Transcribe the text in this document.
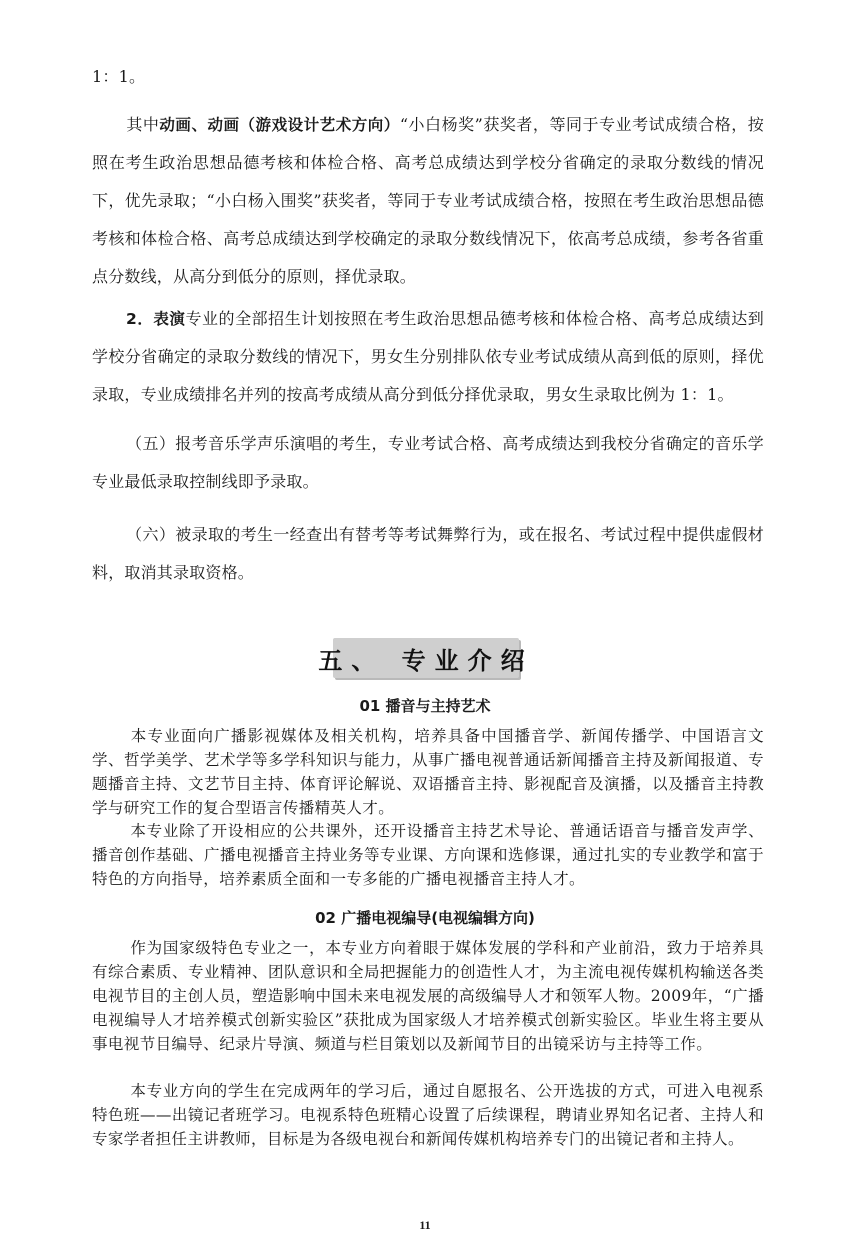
1：1。

其中动画、动画（游戏设计艺术方向）“小白杨奖”获奖者，等同于专业考试成绩合格，按照在考生政治思想品德考核和体检合格、高考总成绩达到学校分省确定的录取分数线的情况下，优先录取；“小白杨入围奖”获奖者，等同于专业考试成绩合格，按照在考生政治思想品德考核和体检合格、高考总成绩达到学校确定的录取分数线情况下，依高考总成绩，参考各省重点分数线，从高分到低分的原则，择优录取。

2．表演专业的全部招生计划按照在考生政治思想品德考核和体检合格、高考总成绩达到学校分省确定的录取分数线的情况下，男女生分别排队依专业考试成绩从高到低的原则，择优录取，专业成绩排名并列的按高考成绩从高分到低分择优录取，男女生录取比例为 1：1。

（五）报考音乐学声乐演唱的考生，专业考试合格、高考成绩达到我校分省确定的音乐学专业最低录取控制线即予录取。

（六）被录取的考生一经查出有替考等考试舞弊行为，或在报名、考试过程中提供虚假材料，取消其录取资格。

五、 专业介绍

01 播音与主持艺术

本专业面向广播影视媒体及相关机构，培养具备中国播音学、新闻传播学、中国语言文学、哲学美学、艺术学等多学科知识与能力，从事广播电视普通话新闻播音主持及新闻报道、专题播音主持、文艺节目主持、体育评论解说、双语播音主持、影视配音及演播，以及播音主持教学与研究工作的复合型语言传播精英人才。

本专业除了开设相应的公共课外，还开设播音主持艺术导论、普通话语音与播音发声学、播音创作基础、广播电视播音主持业务等专业课、方向课和选修课，通过扎实的专业教学和富于特色的方向指导，培养素质全面和一专多能的广播电视播音主持人才。

02 广播电视编导(电视编辑方向)

作为国家级特色专业之一，本专业方向着眼于媒体发展的学科和产业前沿，致力于培养具有综合素质、专业精神、团队意识和全局把握能力的创造性人才，为主流电视传媒机构输送各类电视节目的主创人员，塑造影响中国未来电视发展的高级编导人才和领军人物。2009年，“广播电视编导人才培养模式创新实验区”获批成为国家级人才培养模式创新实验区。毕业生将主要从事电视节目编导、纪录片导演、频道与栏目策划以及新闻节目的出镜采访与主持等工作。

本专业方向的学生在完成两年的学习后，通过自愿报名、公开选拔的方式，可进入电视系特色班——出镜记者班学习。电视系特色班精心设置了后续课程，聘请业界知名记者、主持人和专家学者担任主讲教师，目标是为各级电视台和新闻传媒机构培养专门的出镜记者和主持人。

11
